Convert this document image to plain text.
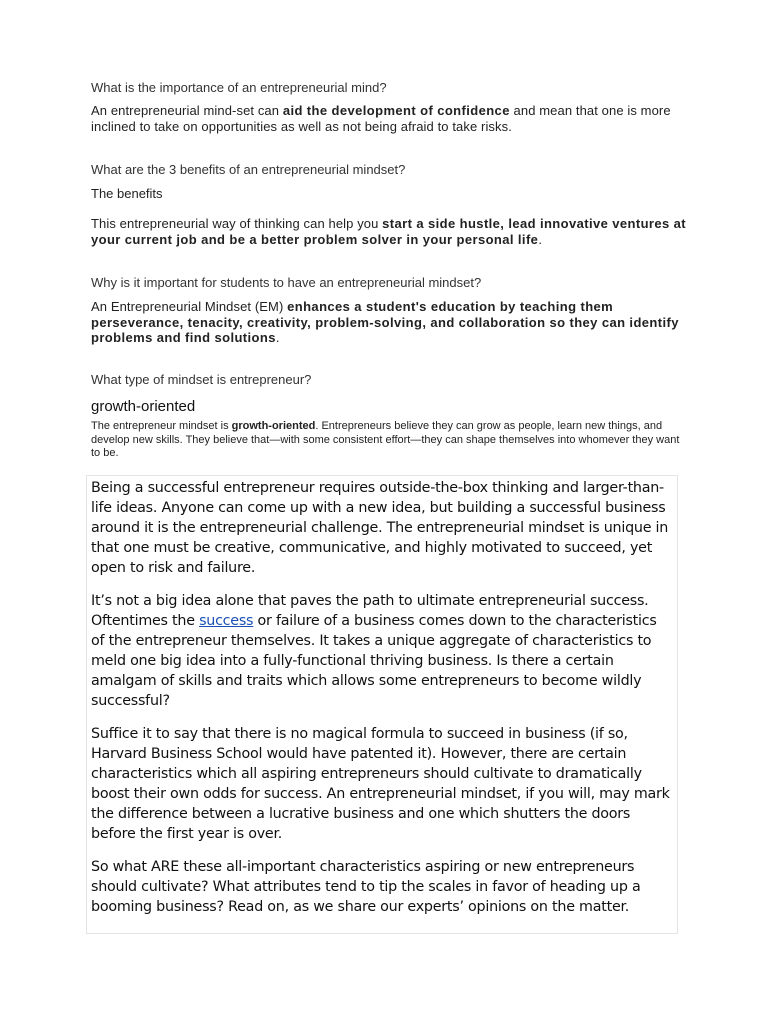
What is the importance of an entrepreneurial mind?

An entrepreneurial mind-set can aid the development of confidence and mean that one is more inclined to take on opportunities as well as not being afraid to take risks.

What are the 3 benefits of an entrepreneurial mindset?

The benefits

This entrepreneurial way of thinking can help you start a side hustle, lead innovative ventures at your current job and be a better problem solver in your personal life.

Why is it important for students to have an entrepreneurial mindset?

An Entrepreneurial Mindset (EM) enhances a student's education by teaching them perseverance, tenacity, creativity, problem-solving, and collaboration so they can identify problems and find solutions.

What type of mindset is entrepreneur?

growth-oriented

The entrepreneur mindset is growth-oriented. Entrepreneurs believe they can grow as people, learn new things, and develop new skills. They believe that—with some consistent effort—they can shape themselves into whomever they want to be.

Being a successful entrepreneur requires outside-the-box thinking and larger-than-life ideas. Anyone can come up with a new idea, but building a successful business around it is the entrepreneurial challenge. The entrepreneurial mindset is unique in that one must be creative, communicative, and highly motivated to succeed, yet open to risk and failure.

It’s not a big idea alone that paves the path to ultimate entrepreneurial success. Oftentimes the success or failure of a business comes down to the characteristics of the entrepreneur themselves. It takes a unique aggregate of characteristics to meld one big idea into a fully-functional thriving business. Is there a certain amalgam of skills and traits which allows some entrepreneurs to become wildly successful?

Suffice it to say that there is no magical formula to succeed in business (if so, Harvard Business School would have patented it). However, there are certain characteristics which all aspiring entrepreneurs should cultivate to dramatically boost their own odds for success. An entrepreneurial mindset, if you will, may mark the difference between a lucrative business and one which shutters the doors before the first year is over.

So what ARE these all-important characteristics aspiring or new entrepreneurs should cultivate? What attributes tend to tip the scales in favor of heading up a booming business? Read on, as we share our experts’ opinions on the matter.
